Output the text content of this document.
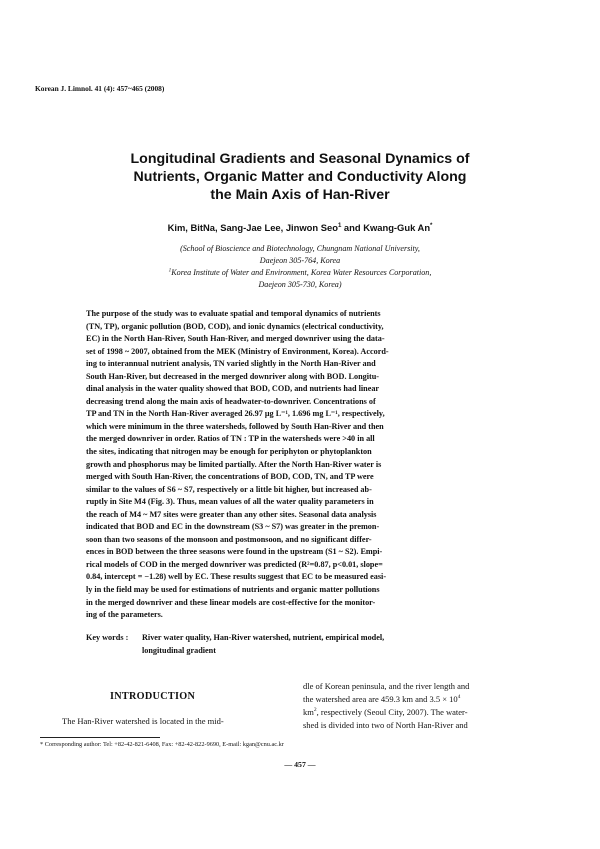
Korean J. Limnol. 41 (4): 457~465 (2008)
Longitudinal Gradients and Seasonal Dynamics of
Nutrients, Organic Matter and Conductivity Along
the Main Axis of Han-River
Kim, BitNa, Sang-Jae Lee, Jinwon Seo$^1$ and Kwang-Guk An*
(School of Bioscience and Biotechnology, Chungnam National University,
Daejeon 305-764, Korea
$^1$Korea Institute of Water and Environment, Korea Water Resources Corporation,
Daejeon 305-730, Korea)
The purpose of the study was to evaluate spatial and temporal dynamics of nutrients
(TN, TP), organic pollution (BOD, COD), and ionic dynamics (electrical conductivity,
EC) in the North Han-River, South Han-River, and merged downriver using the data-
set of 1998 ~ 2007, obtained from the MEK (Ministry of Environment, Korea). Accord-
ing to interannual nutrient analysis, TN varied slightly in the North Han-River and
South Han-River, but decreased in the merged downriver along with BOD. Longitu-
dinal analysis in the water quality showed that BOD, COD, and nutrients had linear
decreasing trend along the main axis of headwater-to-downriver. Concentrations of
TP and TN in the North Han-River averaged 26.97 μg L⁻¹, 1.696 mg L⁻¹, respectively,
which were minimum in the three watersheds, followed by South Han-River and then
the merged downriver in order. Ratios of TN : TP in the watersheds were >40 in all
the sites, indicating that nitrogen may be enough for periphyton or phytoplankton
growth and phosphorus may be limited partially. After the North Han-River water is
merged with South Han-River, the concentrations of BOD, COD, TN, and TP were
similar to the values of S6 ~ S7, respectively or a little bit higher, but increased ab-
ruptly in Site M4 (Fig. 3). Thus, mean values of all the water quality parameters in
the reach of M4 ~ M7 sites were greater than any other sites. Seasonal data analysis
indicated that BOD and EC in the downstream (S3 ~ S7) was greater in the premon-
soon than two seasons of the monsoon and postmonsoon, and no significant differ-
ences in BOD between the three seasons were found in the upstream (S1 ~ S2). Empi-
rical models of COD in the merged downriver was predicted (R²=0.87, p<0.01, slope=
0.84, intercept = −1.28) well by EC. These results suggest that EC to be measured easi-
ly in the field may be used for estimations of nutrients and organic matter pollutions
in the merged downriver and these linear models are cost-effective for the monitor-
ing of the parameters.
Key words : River water quality, Han-River watershed, nutrient, empirical model,
longitudinal gradient
INTRODUCTION
The Han-River watershed is located in the mid-
dle of Korean peninsula, and the river length and
the watershed area are 459.3 km and $3.5 \times 10^4$
$km^2$, respectively (Seoul City, 2007). The water-
shed is divided into two of North Han-River and
* Corresponding author: Tel: +82-42-821-6408, Fax: +82-42-822-9690, E-mail: kgan@cnu.ac.kr
— 457 —
